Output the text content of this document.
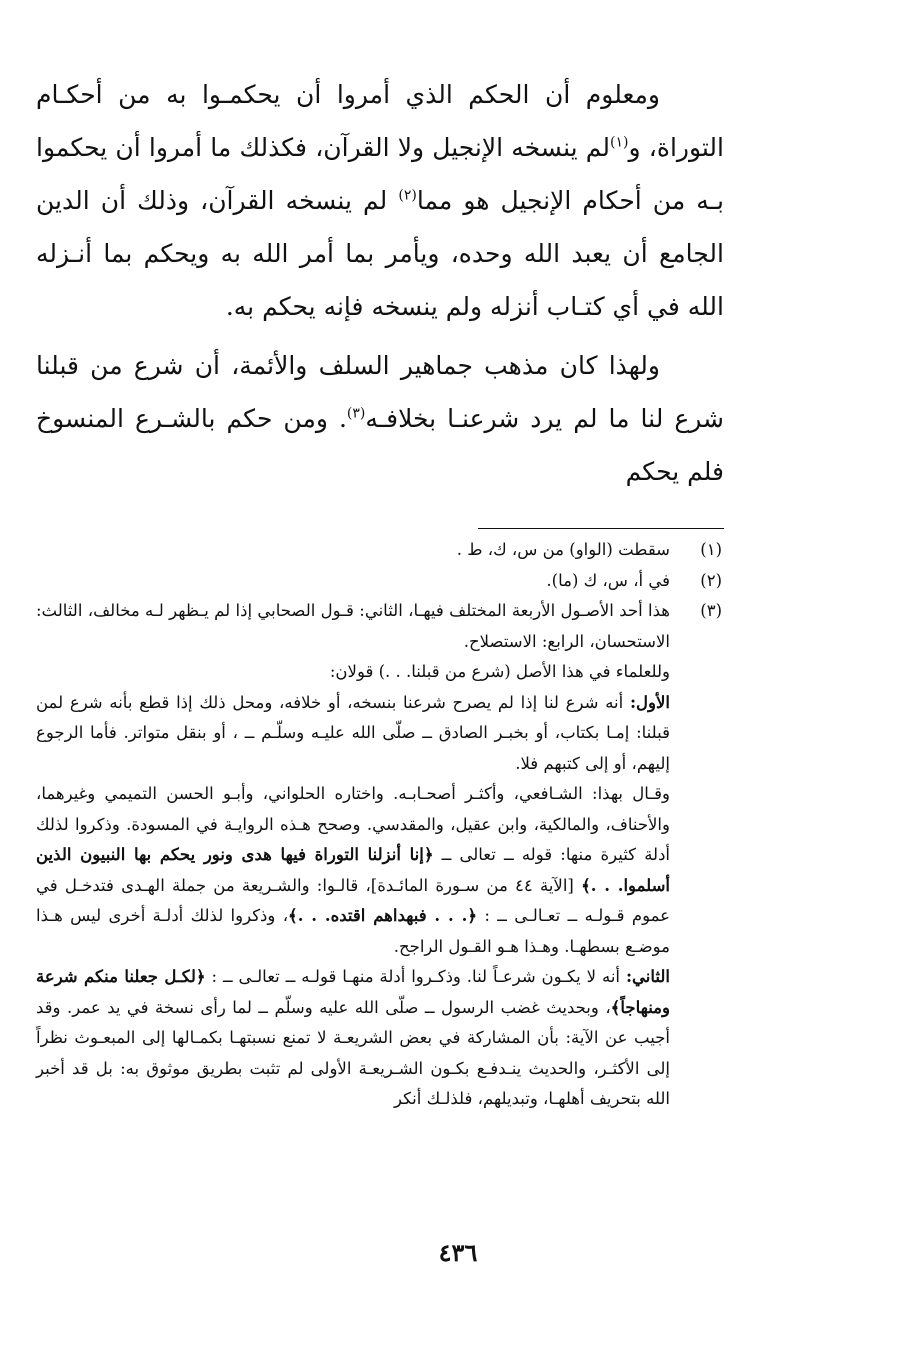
ومعلوم أن الحكم الذي أمروا أن يحكمـوا به من أحكـام التوراة، و$^{(١)}$لم ينسخه الإنجيل ولا القرآن، فكذلك ما أمروا أن يحكموا بـه من أحكام الإنجيل هو مما$^{(٢)}$ لم ينسخه القرآن، وذلك أن الدين الجامع أن يعبد الله وحده، ويأمر بما أمر الله به ويحكم بما أنـزله الله في أي كتـاب أنزله ولم ينسخه فإنه يحكم به.

ولهذا كان مذهب جماهير السلف والأئمة، أن شرع من قبلنا شرع لنا ما لم يرد شرعنـا بخلافـه$^{(٣)}$. ومن حكم بالشـرع المنسوخ فلم يحكم

(١)

سقطت (الواو) من س، ك، ط .

(٢)

في أ، س، ك (ما).

(٣)

هذا أحد الأصـول الأربعة المختلف فيهـا، الثاني: قـول الصحابي إذا لم يـظهر لـه مخالف، الثالث: الاستحسان، الرابع: الاستصلاح.

وللعلماء في هذا الأصل (شرع من قبلنا. . .) قولان:

الأول: أنه شرع لنا إذا لم يصرح شرعنا بنسخه، أو خلافه، ومحل ذلك إذا قطع بأنه شرع لمن قبلنا: إمـا بكتاب، أو بخبـر الصادق ــ صلّى الله عليـه وسلّـم ــ ، أو بنقل متواتر. فأما الرجوع إليهم، أو إلى كتبهم فلا.

وقـال بهذا: الشـافعي، وأكثـر أصحـابـه. واختاره الحلواني، وأبـو الحسن التميمي وغيرهما، والأحناف، والمالكية، وابن عقيل، والمقدسي. وصحح هـذه الروايـة في المسودة. وذكروا لذلك أدلة كثيرة منها: قوله ــ تعالى ــ ﴿إنا أنزلنا التوراة فيها هدى ونور يحكم بها النبيون الذين أسلموا. . .﴾ [الآية ٤٤ من سـورة المائـدة]، قالـوا: والشـريعة من جملة الهـدى فتدخـل في عموم قـولـه ــ تعـالـى ــ : ﴿. . . فبهداهم اقتده. . .﴾، وذكروا لذلك أدلـة أخرى ليس هـذا موضـع بسطهـا. وهـذا هـو القـول الراجح.

الثاني: أنه لا يكـون شرعـاً لنا. وذكـروا أدلة منهـا قولـه ــ تعالـى ــ : ﴿لكـل جعلنا منكم شرعة ومنهاجاً﴾، وبحديث غضب الرسول ــ صلّى الله عليه وسلّم ــ لما رأى نسخة في يد عمر. وقد أجيب عن الآية: بأن المشاركة في بعض الشريعـة لا تمنع نسبتهـا بكمـالها إلى المبعـوث نظراً إلى الأكثـر، والحديث ينـدفـع بكـون الشـريعـة الأولى لم تثبت بطريق موثوق به: بل قد أخبر الله بتحريف أهلهـا، وتبديلهم، فلذلـك أنكر

٤٣٦
